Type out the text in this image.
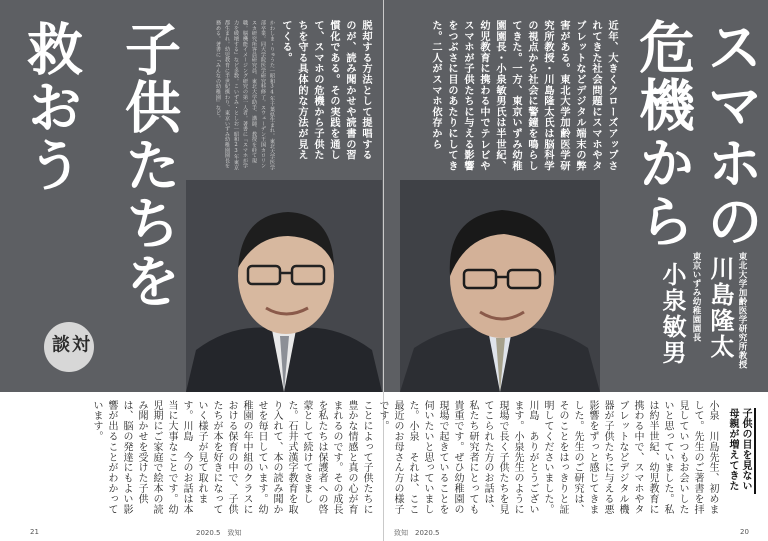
子供たちを

救おう

対談

脱却する方法として提唱するのが、読み聞かせや読書の習慣化である。その実践を通して、スマホの危機から子供たちを守る具体的な方法が見えてくる。

かわしま・りゅうた｜昭和34年千葉県生まれ。東北大学医学部卒業。同大学院医学研究科修了。スウェーデン王国カロリンスカ研究所客員研究員、東北大学助手、講師、教授を経て現職。脳機能イメージング研究の第一人者。著書に『スマホが学力を破壊する』など多数。こいずみ・としお｜昭和23年東京都生まれ。幼児教育に半世紀携わり、東京いずみ幼稚園園長を務める。著書に『みんなの幼稚園』など。

ことによって子供たちに豊かな情感と真の心が育まれるのです。その成長を私たちは保護者への啓蒙として続けてきました。石井式漢字教育を取り入れて、本の読み聞かせを毎日しています。幼稚園の年中組のクラスにおける保育の中で、子供たちが本を好きになっていく様子が見て取れます。川島　今のお話は本当に大事なことです。幼児期にご家庭で絵本の読み聞かせを受けた子供は、脳の発達にもよい影響が出ることがわかっています。

21	2020.5　致知

スマホの

危機から

近年、大きくクローズアップされてきた社会問題にスマホやタブレットなどデジタル端末の弊害がある。東北大学加齢医学研究所教授・川島隆太氏は脳科学の視点から社会に警鐘を鳴らしてきた。一方、東京いずみ幼稚園園長・小泉敏男氏は半世紀、幼児教育に携わる中でテレビやスマホが子供たちに与える影響をつぶさに目のあたりにしてきた。二人がスマホ依存から

東北大学加齢医学研究所教授

川島隆太

東京いずみ幼稚園園長

小泉敏男

子供の目を見ない母親が増えてきた

小泉　川島先生、初めまして。先生のご著書を拝見していつもお会いしたいと思っていました。私は約半世紀、幼児教育に携わる中で、スマホやタブレットなどデジタル機器が子供たちに与える悪影響をずっと感じてきました。先生のご研究は、そのことをはっきりと証明してくださいました。川島　ありがとうございます。小泉先生のように現場で長く子供たちを見てこられた方のお話は、私たち研究者にとっても貴重です。ぜひ幼稚園の現場で起きていることを伺いたいと思っていました。小泉　それは、ここ最近のお母さん方の様子です。

致知　2020.5	20
